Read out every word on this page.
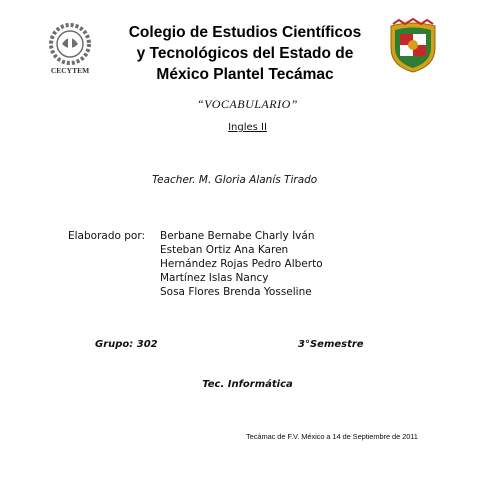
CECYTEM
Colegio de Estudios Científicos
y Tecnológicos del Estado de
México Plantel Tecámac
“VOCABULARIO”
Ingles II
Teacher. M. Gloria Alanís Tirado
Elaborado por: Berbane Bernabe Charly Iván
Esteban Ortiz Ana Karen
Hernández Rojas Pedro Alberto
Martínez Islas Nancy
Sosa Flores Brenda Yosseline
Grupo: 302	3°Semestre
Tec. Informática
Tecámac de F.V. México a 14 de Septiembre de 2011
